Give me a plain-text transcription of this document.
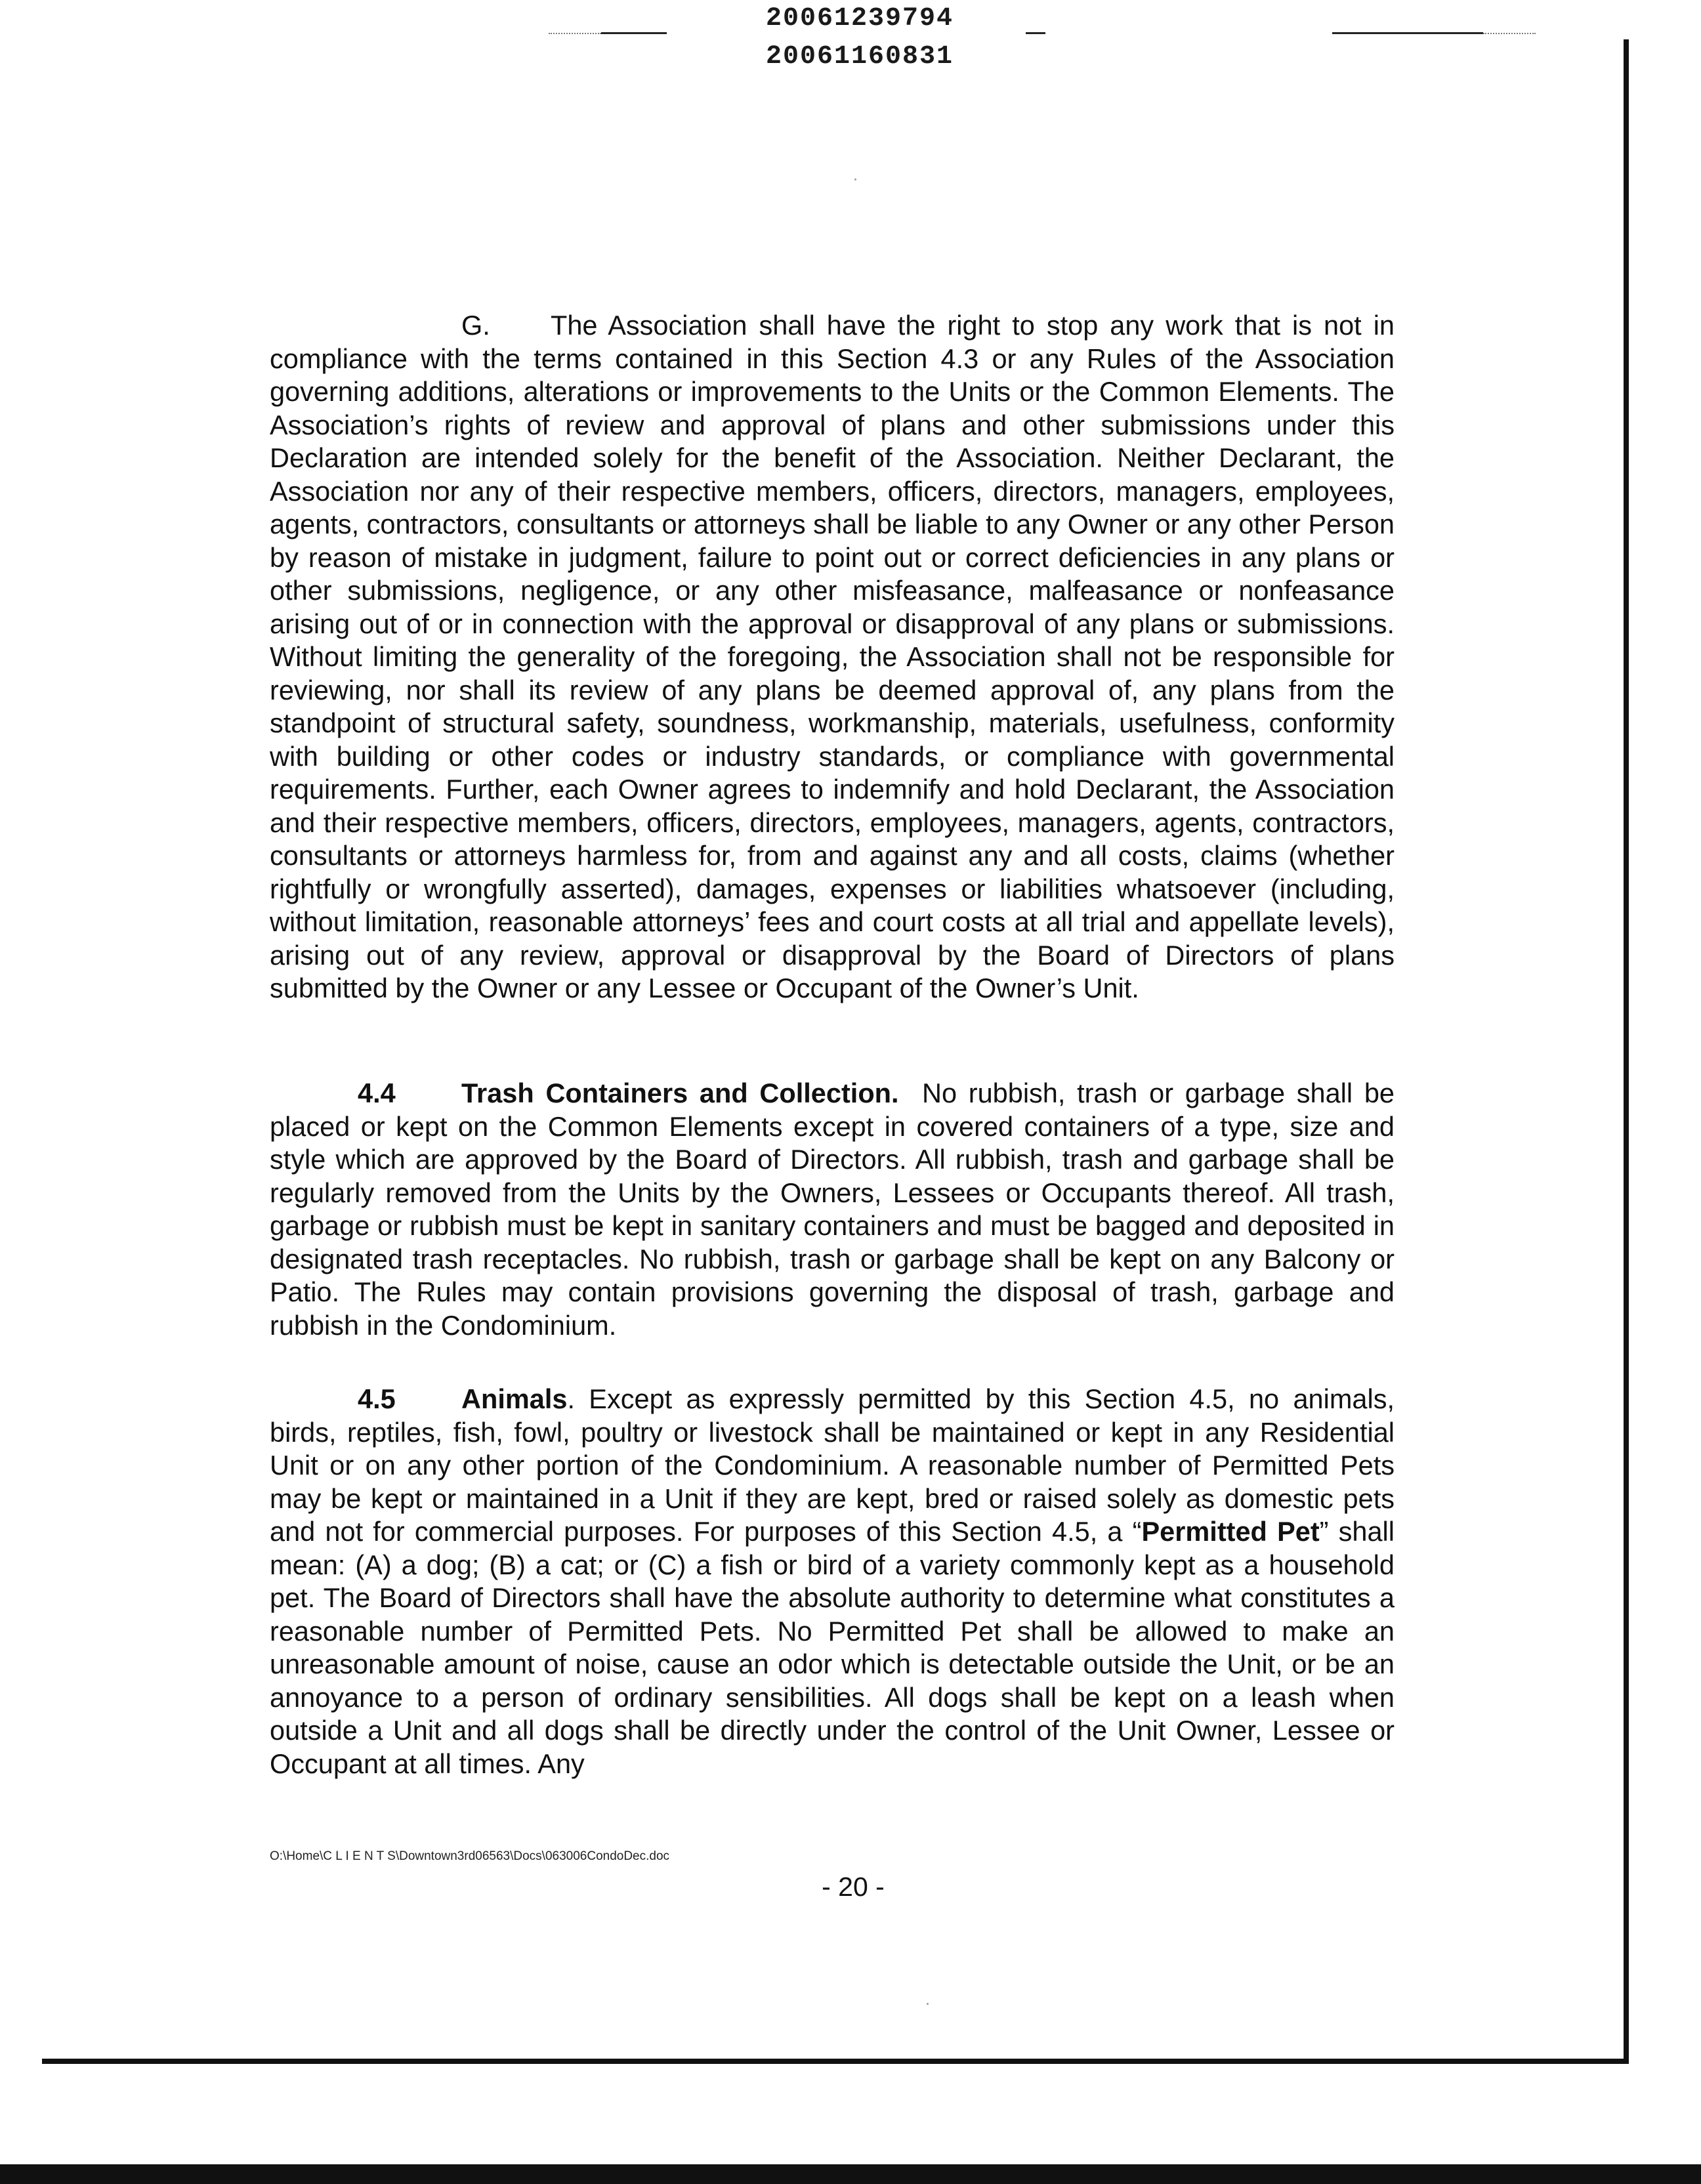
20061239794
20061160831
G. The Association shall have the right to stop any work that is not in compliance with the terms contained in this Section 4.3 or any Rules of the Association governing additions, alterations or improvements to the Units or the Common Elements. The Association’s rights of review and approval of plans and other submissions under this Declaration are intended solely for the benefit of the Association. Neither Declarant, the Association nor any of their respective members, officers, directors, managers, employees, agents, contractors, consultants or attorneys shall be liable to any Owner or any other Person by reason of mistake in judgment, failure to point out or correct deficiencies in any plans or other submissions, negligence, or any other misfeasance, malfeasance or nonfeasance arising out of or in connection with the approval or disapproval of any plans or submissions. Without limiting the generality of the foregoing, the Association shall not be responsible for reviewing, nor shall its review of any plans be deemed approval of, any plans from the standpoint of structural safety, soundness, workmanship, materials, usefulness, conformity with building or other codes or industry standards, or compliance with governmental requirements. Further, each Owner agrees to indemnify and hold Declarant, the Association and their respective members, officers, directors, employees, managers, agents, contractors, consultants or attorneys harmless for, from and against any and all costs, claims (whether rightfully or wrongfully asserted), damages, expenses or liabilities whatsoever (including, without limitation, reasonable attorneys’ fees and court costs at all trial and appellate levels), arising out of any review, approval or disapproval by the Board of Directors of plans submitted by the Owner or any Lessee or Occupant of the Owner’s Unit.
4.4 Trash Containers and Collection. No rubbish, trash or garbage shall be placed or kept on the Common Elements except in covered containers of a type, size and style which are approved by the Board of Directors. All rubbish, trash and garbage shall be regularly removed from the Units by the Owners, Lessees or Occupants thereof. All trash, garbage or rubbish must be kept in sanitary containers and must be bagged and deposited in designated trash receptacles. No rubbish, trash or garbage shall be kept on any Balcony or Patio. The Rules may contain provisions governing the disposal of trash, garbage and rubbish in the Condominium.
4.5 Animals. Except as expressly permitted by this Section 4.5, no animals, birds, reptiles, fish, fowl, poultry or livestock shall be maintained or kept in any Residential Unit or on any other portion of the Condominium. A reasonable number of Permitted Pets may be kept or maintained in a Unit if they are kept, bred or raised solely as domestic pets and not for commercial purposes. For purposes of this Section 4.5, a “Permitted Pet” shall mean: (A) a dog; (B) a cat; or (C) a fish or bird of a variety commonly kept as a household pet. The Board of Directors shall have the absolute authority to determine what constitutes a reasonable number of Permitted Pets. No Permitted Pet shall be allowed to make an unreasonable amount of noise, cause an odor which is detectable outside the Unit, or be an annoyance to a person of ordinary sensibilities. All dogs shall be kept on a leash when outside a Unit and all dogs shall be directly under the control of the Unit Owner, Lessee or Occupant at all times. Any
O:\Home\C L I E N T S\Downtown3rd06563\Docs\063006CondoDec.doc
- 20 -
